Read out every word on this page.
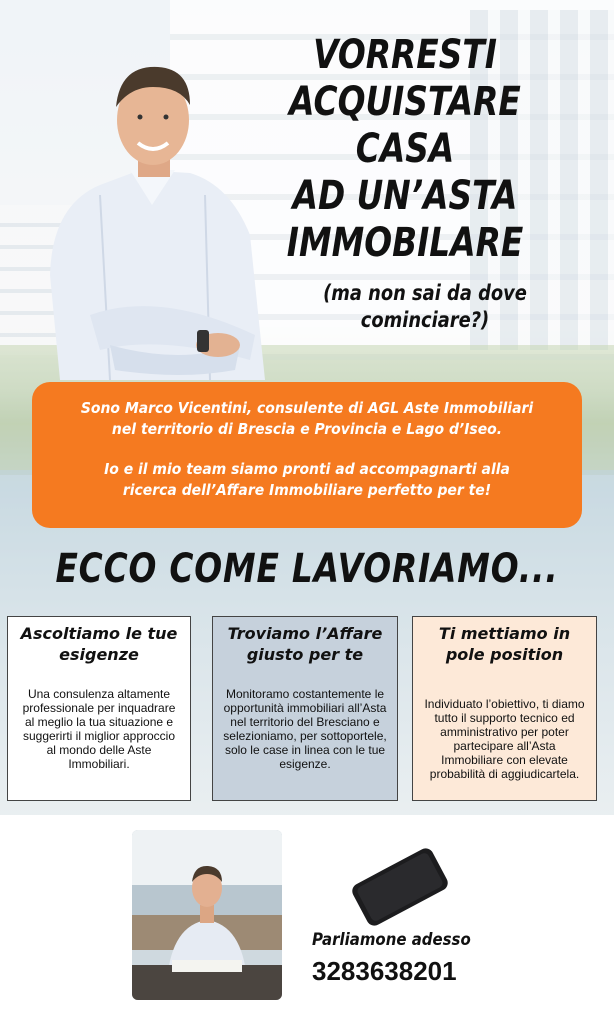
VORRESTI
ACQUISTARE CASA
AD UN’ASTA
IMMOBILARE
(ma non sai da dove
cominciare?)

Sono Marco Vicentini, consulente di AGL Aste Immobiliari
nel territorio di Brescia e Provincia e Lago d’Iseo.

Io e il mio team siamo pronti ad accompagnarti alla
ricerca dell’Affare Immobiliare perfetto per te!

ECCO COME LAVORIAMO...
Ascoltiamo le tue
esigenze

Una consulenza altamente professionale per inquadrare al meglio la tua situazione e suggerirti il miglior approccio al mondo delle Aste Immobiliari.

Troviamo l’Affare
giusto per te

Monitoramo costantemente le opportunità immobiliari all’Asta nel territorio del Bresciano e selezioniamo, per sottoportele, solo le case in linea con le tue esigenze.

Ti mettiamo in
pole position

Individuato l’obiettivo, ti diamo tutto il supporto tecnico ed amministrativo per poter partecipare all’Asta Immobiliare con elevate probabilità di aggiudicartela.

Parliamone adesso
3283638201
